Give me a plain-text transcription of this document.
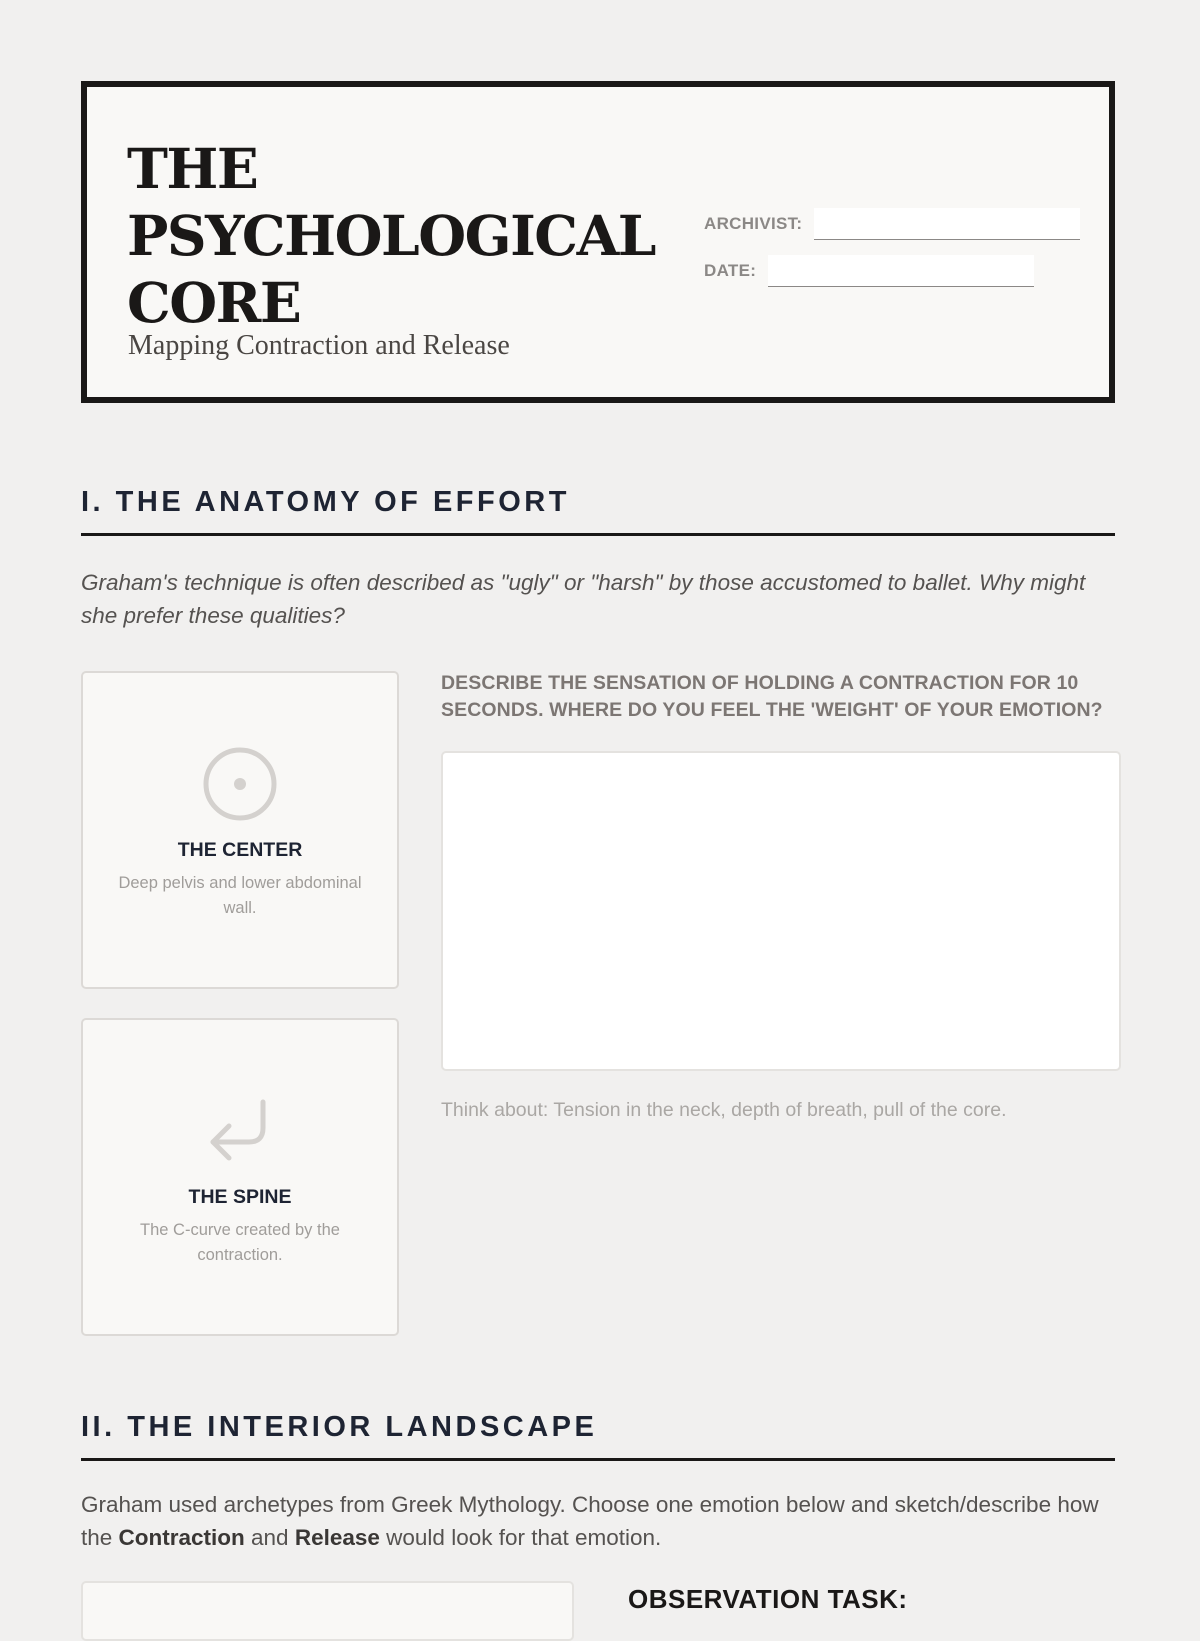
THE
PSYCHOLOGICAL
CORE
Mapping Contraction and Release
ARCHIVIST:
DATE:
I. THE ANATOMY OF EFFORT

Graham's technique is often described as "ugly" or "harsh" by those accustomed to ballet. Why might she prefer these qualities?

THE CENTER
Deep pelvis and lower abdominal wall.
THE SPINE
The C-curve created by the contraction.

DESCRIBE THE SENSATION OF HOLDING A CONTRACTION FOR 10 SECONDS. WHERE DO YOU FEEL THE 'WEIGHT' OF YOUR EMOTION?

Think about: Tension in the neck, depth of breath, pull of the core.
II. THE INTERIOR LANDSCAPE

Graham used archetypes from Greek Mythology. Choose one emotion below and sketch/describe how the Contraction and Release would look for that emotion.

OBSERVATION TASK:
